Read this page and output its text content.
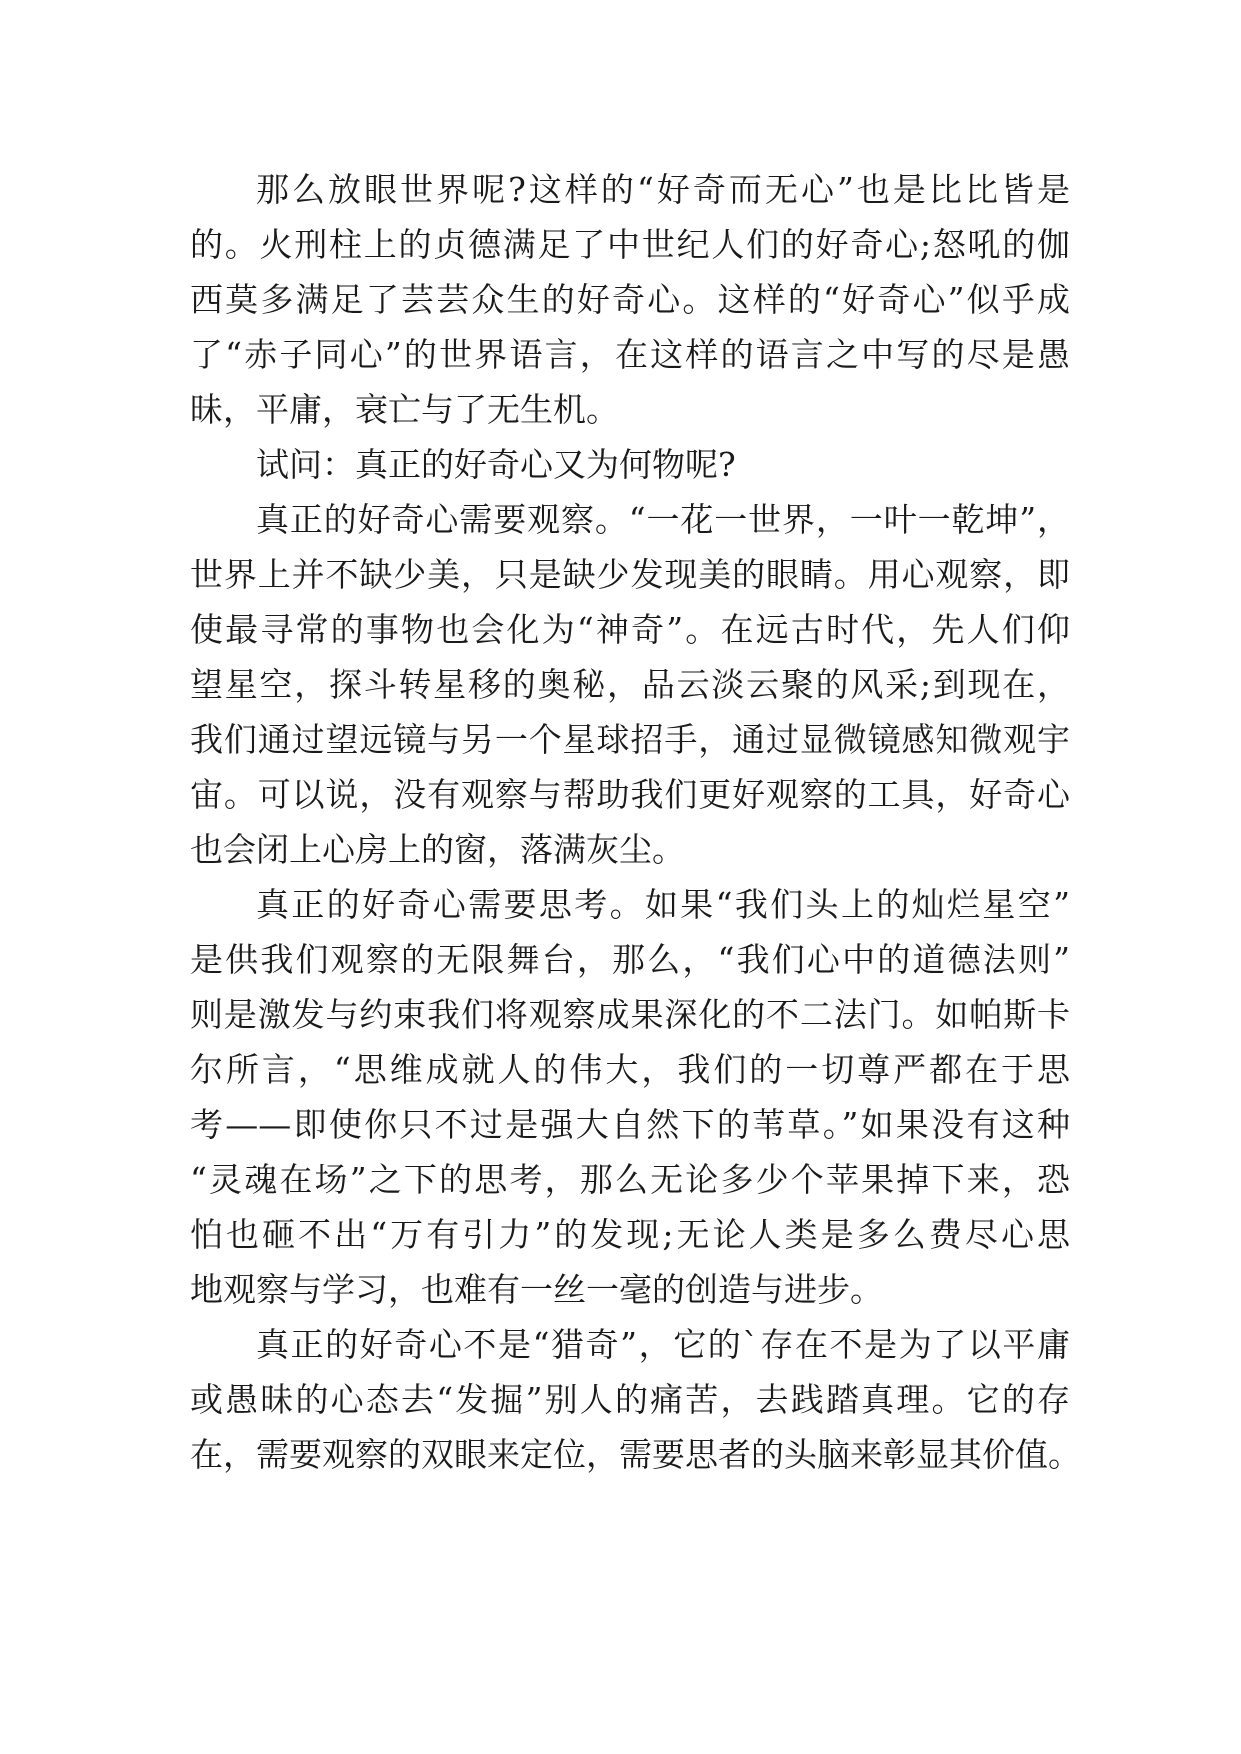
那么放眼世界呢?这样的“好奇而无心”也是比比皆是
的。火刑柱上的贞德满足了中世纪人们的好奇心;怒吼的伽
西莫多满足了芸芸众生的好奇心。这样的“好奇心”似乎成
了“赤子同心”的世界语言，在这样的语言之中写的尽是愚
昧，平庸，衰亡与了无生机。
试问：真正的好奇心又为何物呢?
真正的好奇心需要观察。“一花一世界，一叶一乾坤”，
世界上并不缺少美，只是缺少发现美的眼睛。用心观察，即
使最寻常的事物也会化为“神奇”。在远古时代，先人们仰
望星空，探斗转星移的奥秘，品云淡云聚的风采;到现在，
我们通过望远镜与另一个星球招手，通过显微镜感知微观宇
宙。可以说，没有观察与帮助我们更好观察的工具，好奇心
也会闭上心房上的窗，落满灰尘。
真正的好奇心需要思考。如果“我们头上的灿烂星空”
是供我们观察的无限舞台，那么，“我们心中的道德法则”
则是激发与约束我们将观察成果深化的不二法门。如帕斯卡
尔所言，“思维成就人的伟大，我们的一切尊严都在于思
考——即使你只不过是强大自然下的苇草。”如果没有这种
“灵魂在场”之下的思考，那么无论多少个苹果掉下来，恐
怕也砸不出“万有引力”的发现;无论人类是多么费尽心思
地观察与学习，也难有一丝一毫的创造与进步。
真正的好奇心不是“猎奇”，它的`存在不是为了以平庸
或愚昧的心态去“发掘”别人的痛苦，去践踏真理。它的存
在，需要观察的双眼来定位，需要思者的头脑来彰显其价值。
